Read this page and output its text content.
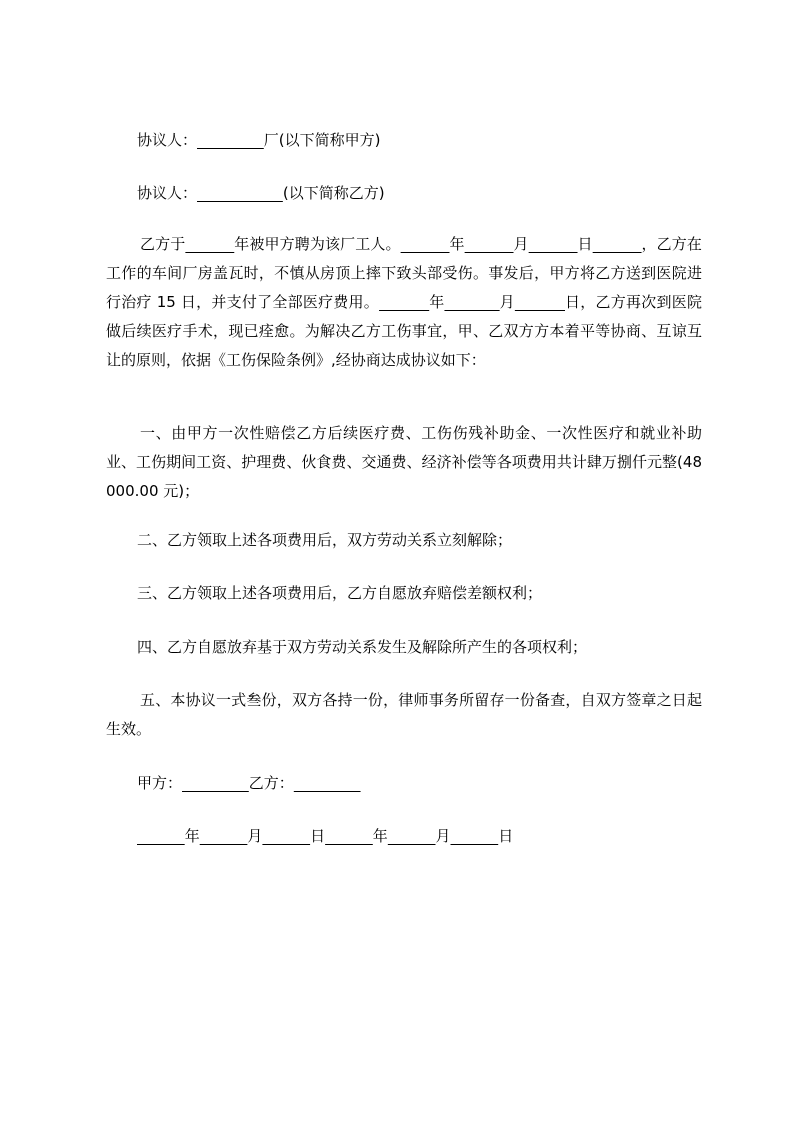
协议人：	厂(以下简称甲方)
协议人：	(以下简称乙方)
乙方于	年被甲方聘为该厂工人。	年	月	日	，乙方在工作的车间厂房盖瓦时，不慎从房顶上摔下致头部受伤。事发后，甲方将乙方送到医院进行治疗 15 日，并支付了全部医疗费用。	年	月	日，乙方再次到医院做后续医疗手术，现已痊愈。为解决乙方工伤事宜，甲、乙双方方本着平等协商、互谅互让的原则，依据《工伤保险条例》,经协商达成协议如下：
一、由甲方一次性赔偿乙方后续医疗费、工伤伤残补助金、一次性医疗和就业补助业、工伤期间工资、护理费、伙食费、交通费、经济补偿等各项费用共计肆万捌仟元整(48000.00 元)；
二、乙方领取上述各项费用后，双方劳动关系立刻解除；
三、乙方领取上述各项费用后，乙方自愿放弃赔偿差额权利；
四、乙方自愿放弃基于双方劳动关系发生及解除所产生的各项权利；
五、本协议一式叁份，双方各持一份，律师事务所留存一份备查，自双方签章之日起生效。
甲方：	乙方：
年	月	日	年	月	日
